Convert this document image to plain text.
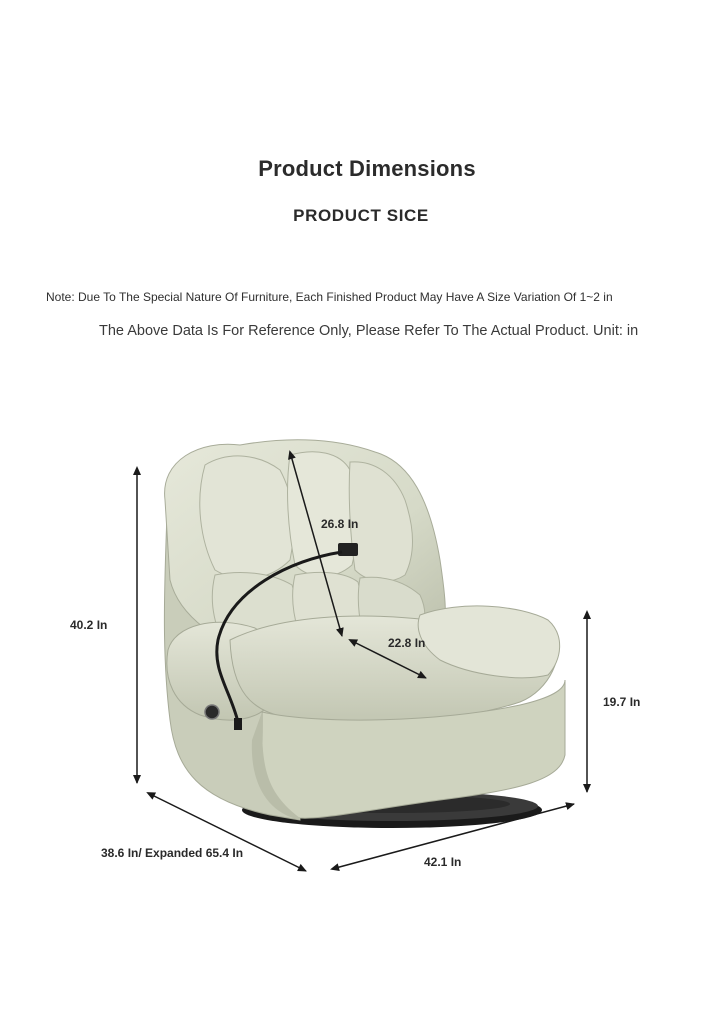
Product Dimensions
PRODUCT SICE
Note: Due To The Special Nature Of Furniture, Each Finished Product May Have A Size Variation Of 1~2 in
The Above Data Is For Reference Only, Please Refer To The Actual Product. Unit: in
40.2 In
26.8 In
22.8 In
19.7 In
38.6 In/ Expanded 65.4 In
42.1 In
